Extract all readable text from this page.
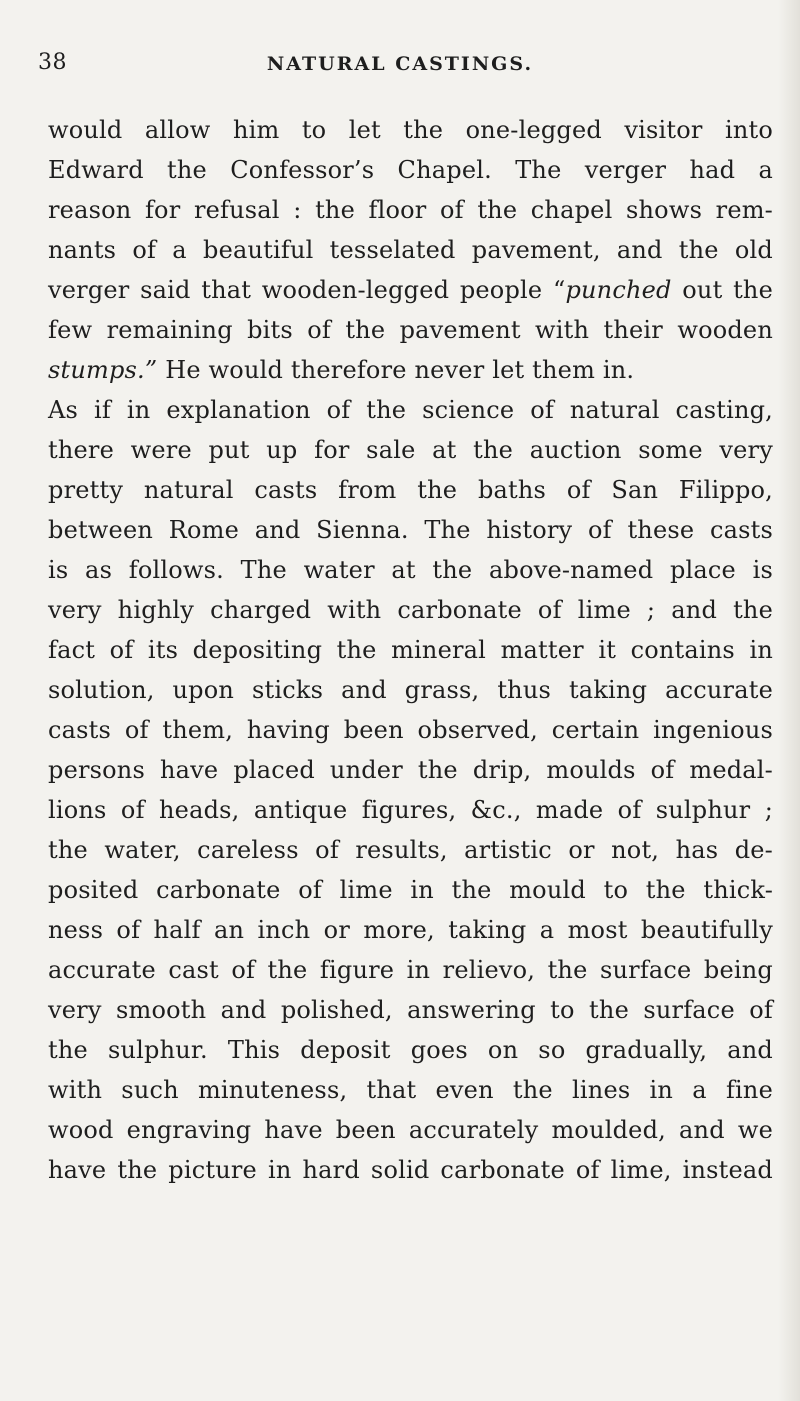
38	NATURAL CASTINGS.
would allow him to let the one-legged visitor into
Edward the Confessor’s Chapel. The verger had a
reason for refusal : the floor of the chapel shows rem-
nants of a beautiful tesselated pavement, and the old
verger said that wooden-legged people “punched out the
few remaining bits of the pavement with their wooden
stumps.” He would therefore never let them in.
As if in explanation of the science of natural casting,
there were put up for sale at the auction some very
pretty natural casts from the baths of San Filippo,
between Rome and Sienna. The history of these casts
is as follows. The water at the above-named place is
very highly charged with carbonate of lime ; and the
fact of its depositing the mineral matter it contains in
solution, upon sticks and grass, thus taking accurate
casts of them, having been observed, certain ingenious
persons have placed under the drip, moulds of medal-
lions of heads, antique figures, &c., made of sulphur ;
the water, careless of results, artistic or not, has de-
posited carbonate of lime in the mould to the thick-
ness of half an inch or more, taking a most beautifully
accurate cast of the figure in relievo, the surface being
very smooth and polished, answering to the surface of
the sulphur. This deposit goes on so gradually, and
with such minuteness, that even the lines in a fine
wood engraving have been accurately moulded, and we
have the picture in hard solid carbonate of lime, instead
